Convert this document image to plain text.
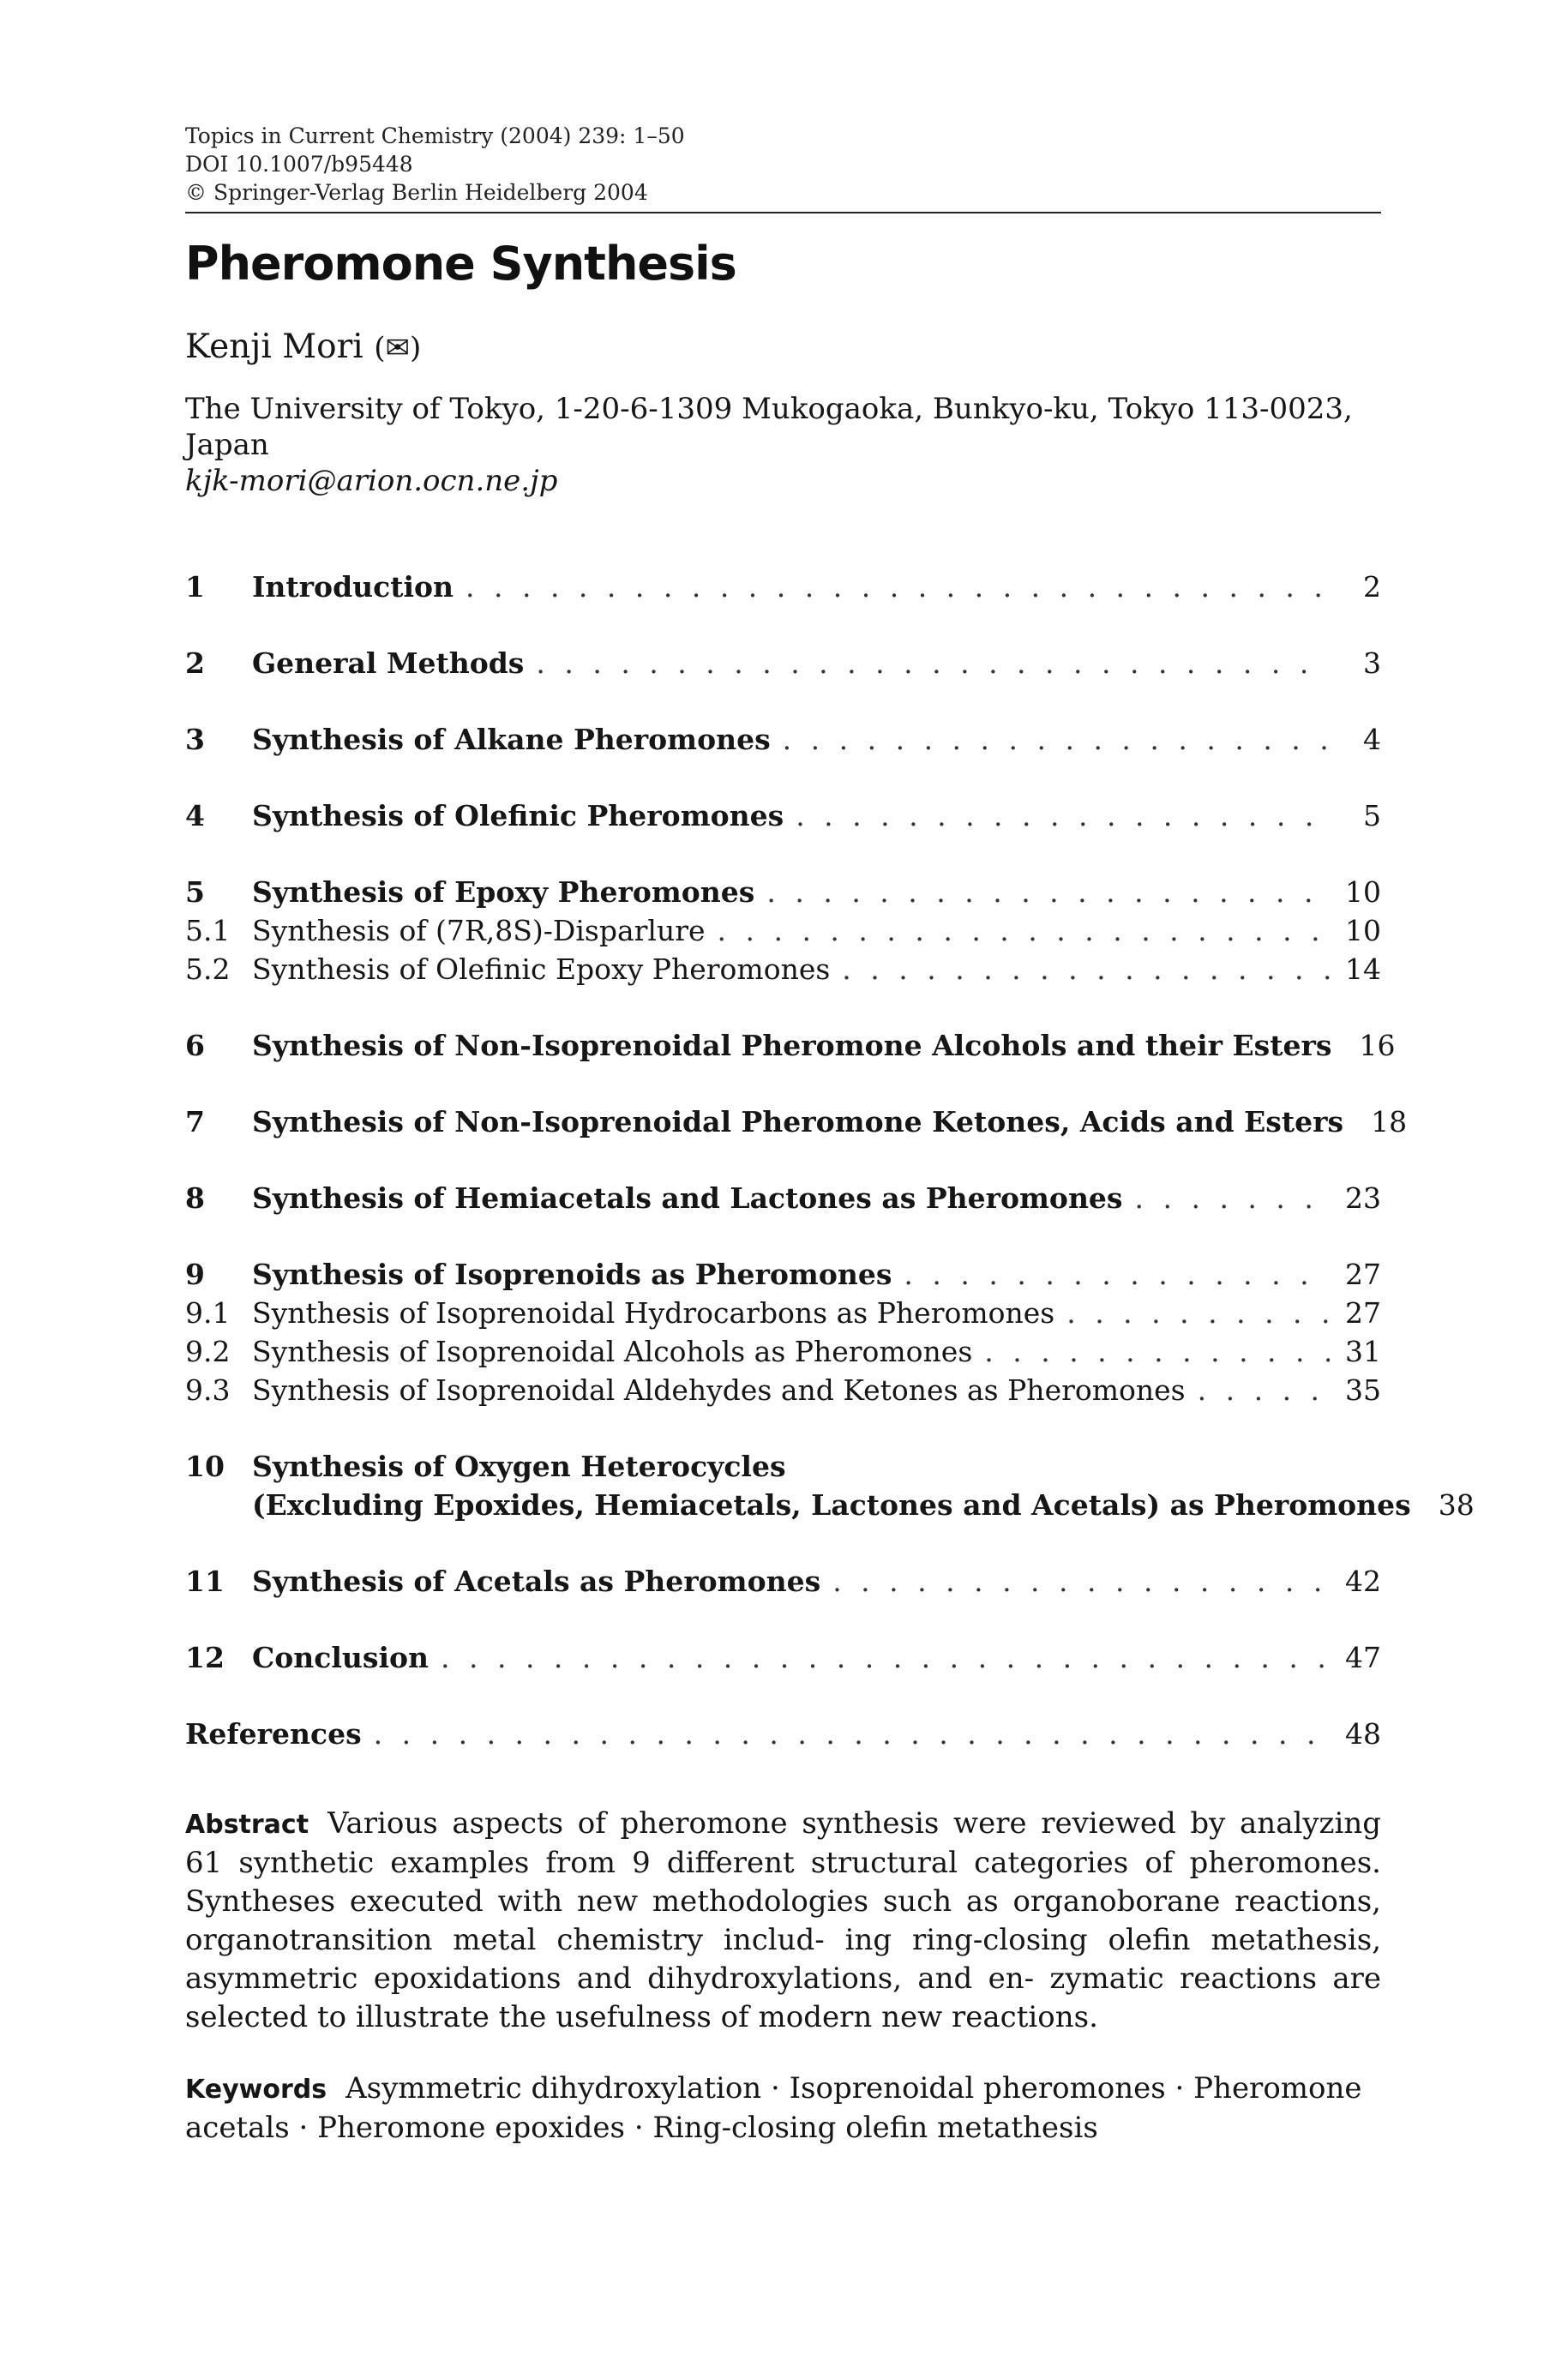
Topics in Current Chemistry (2004) 239: 1–50
DOI 10.1007/b95448
© Springer-Verlag Berlin Heidelberg 2004
Pheromone Synthesis
Kenji Mori (✉)
The University of Tokyo, 1-20-6-1309 Mukogaoka, Bunkyo-ku, Tokyo 113-0023, Japan
kjk-mori@arion.ocn.ne.jp
1	Introduction . . .	2
2	General Methods . . .	3
3	Synthesis of Alkane Pheromones . . .	4
4	Synthesis of Olefinic Pheromones . . .	5
5	Synthesis of Epoxy Pheromones . . .	10
5.1 Synthesis of (7R,8S)-Disparlure . . .	10
5.2 Synthesis of Olefinic Epoxy Pheromones . . .	14
6	Synthesis of Non-Isoprenoidal Pheromone Alcohols and their Esters 16
7	Synthesis of Non-Isoprenoidal Pheromone Ketones, Acids and Esters 18
8	Synthesis of Hemiacetals and Lactones as Pheromones . . .	23
9	Synthesis of Isoprenoids as Pheromones . . .	27
9.1 Synthesis of Isoprenoidal Hydrocarbons as Pheromones . . .	27
9.2 Synthesis of Isoprenoidal Alcohols as Pheromones . . .	31
9.3 Synthesis of Isoprenoidal Aldehydes and Ketones as Pheromones . . .	35
10 Synthesis of Oxygen Heterocycles
(Excluding Epoxides, Hemiacetals, Lactones and Acetals) as Pheromones 38
11 Synthesis of Acetals as Pheromones . . .	42
12 Conclusion . . .	47
References . . .	48
Abstract Various aspects of pheromone synthesis were reviewed by analyzing 61 synthetic examples from 9 different structural categories of pheromones. Syntheses executed with new methodologies such as organoborane reactions, organotransition metal chemistry includ- ing ring-closing olefin metathesis, asymmetric epoxidations and dihydroxylations, and en- zymatic reactions are selected to illustrate the usefulness of modern new reactions.
Keywords Asymmetric dihydroxylation · Isoprenoidal pheromones · Pheromone acetals · Pheromone epoxides · Ring-closing olefin metathesis
